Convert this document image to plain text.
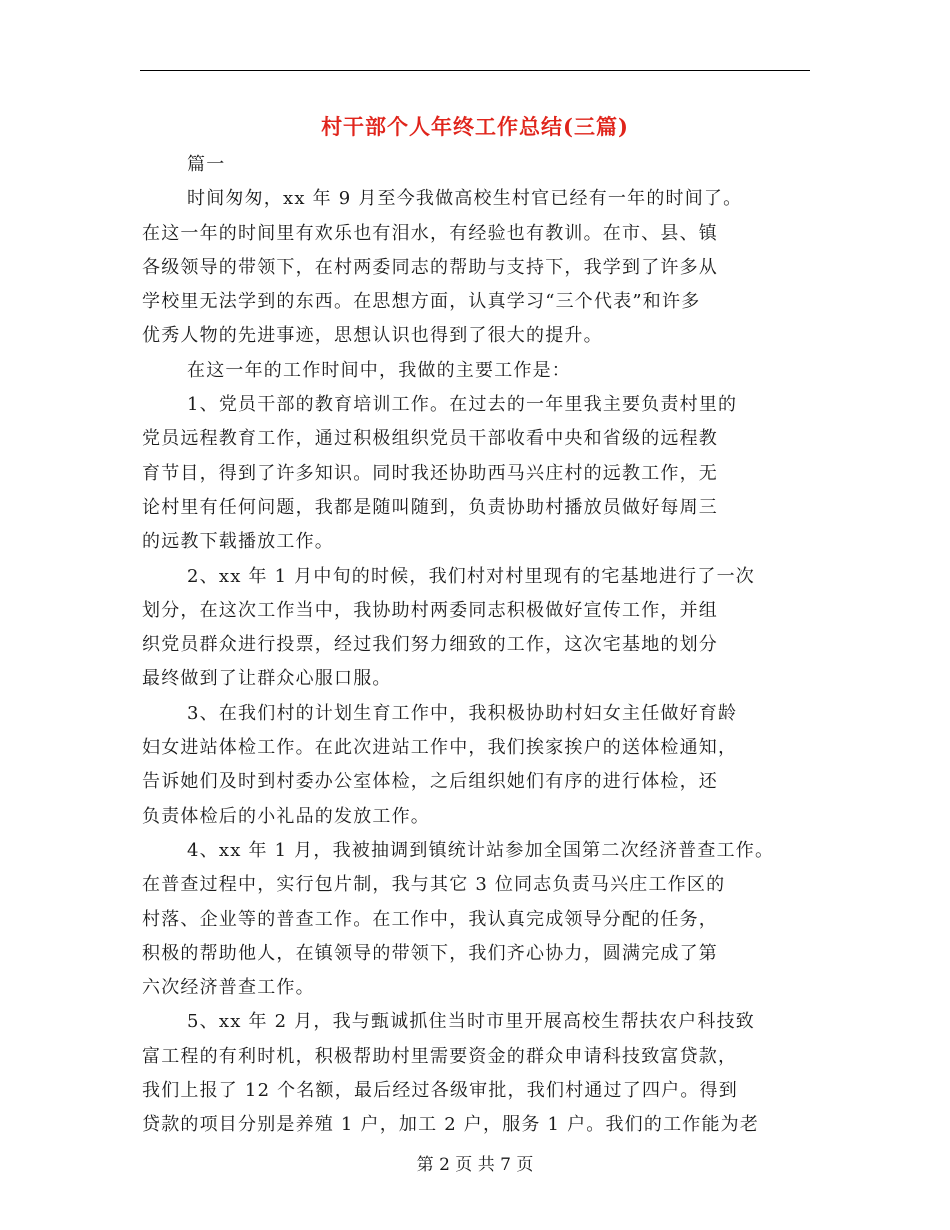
村干部个人年终工作总结(三篇)
篇一
时间匆匆，xx 年 9 月至今我做高校生村官已经有一年的时间了。
在这一年的时间里有欢乐也有泪水，有经验也有教训。在市、县、镇
各级领导的带领下，在村两委同志的帮助与支持下，我学到了许多从
学校里无法学到的东西。在思想方面，认真学习“三个代表”和许多
优秀人物的先进事迹，思想认识也得到了很大的提升。
在这一年的工作时间中，我做的主要工作是：
1、党员干部的教育培训工作。在过去的一年里我主要负责村里的
党员远程教育工作，通过积极组织党员干部收看中央和省级的远程教
育节目，得到了许多知识。同时我还协助西马兴庄村的远教工作，无
论村里有任何问题，我都是随叫随到，负责协助村播放员做好每周三
的远教下载播放工作。
2、xx 年 1 月中旬的时候，我们村对村里现有的宅基地进行了一次
划分，在这次工作当中，我协助村两委同志积极做好宣传工作，并组
织党员群众进行投票，经过我们努力细致的工作，这次宅基地的划分
最终做到了让群众心服口服。
3、在我们村的计划生育工作中，我积极协助村妇女主任做好育龄
妇女进站体检工作。在此次进站工作中，我们挨家挨户的送体检通知，
告诉她们及时到村委办公室体检，之后组织她们有序的进行体检，还
负责体检后的小礼品的发放工作。
4、xx 年 1 月，我被抽调到镇统计站参加全国第二次经济普查工作。
在普查过程中，实行包片制，我与其它 3 位同志负责马兴庄工作区的
村落、企业等的普查工作。在工作中，我认真完成领导分配的任务，
积极的帮助他人，在镇领导的带领下，我们齐心协力，圆满完成了第
六次经济普查工作。
5、xx 年 2 月，我与甄诚抓住当时市里开展高校生帮扶农户科技致
富工程的有利时机，积极帮助村里需要资金的群众申请科技致富贷款，
我们上报了 12 个名额，最后经过各级审批，我们村通过了四户。得到
贷款的项目分别是养殖 1 户，加工 2 户，服务 1 户。我们的工作能为老
第 2 页 共 7 页
